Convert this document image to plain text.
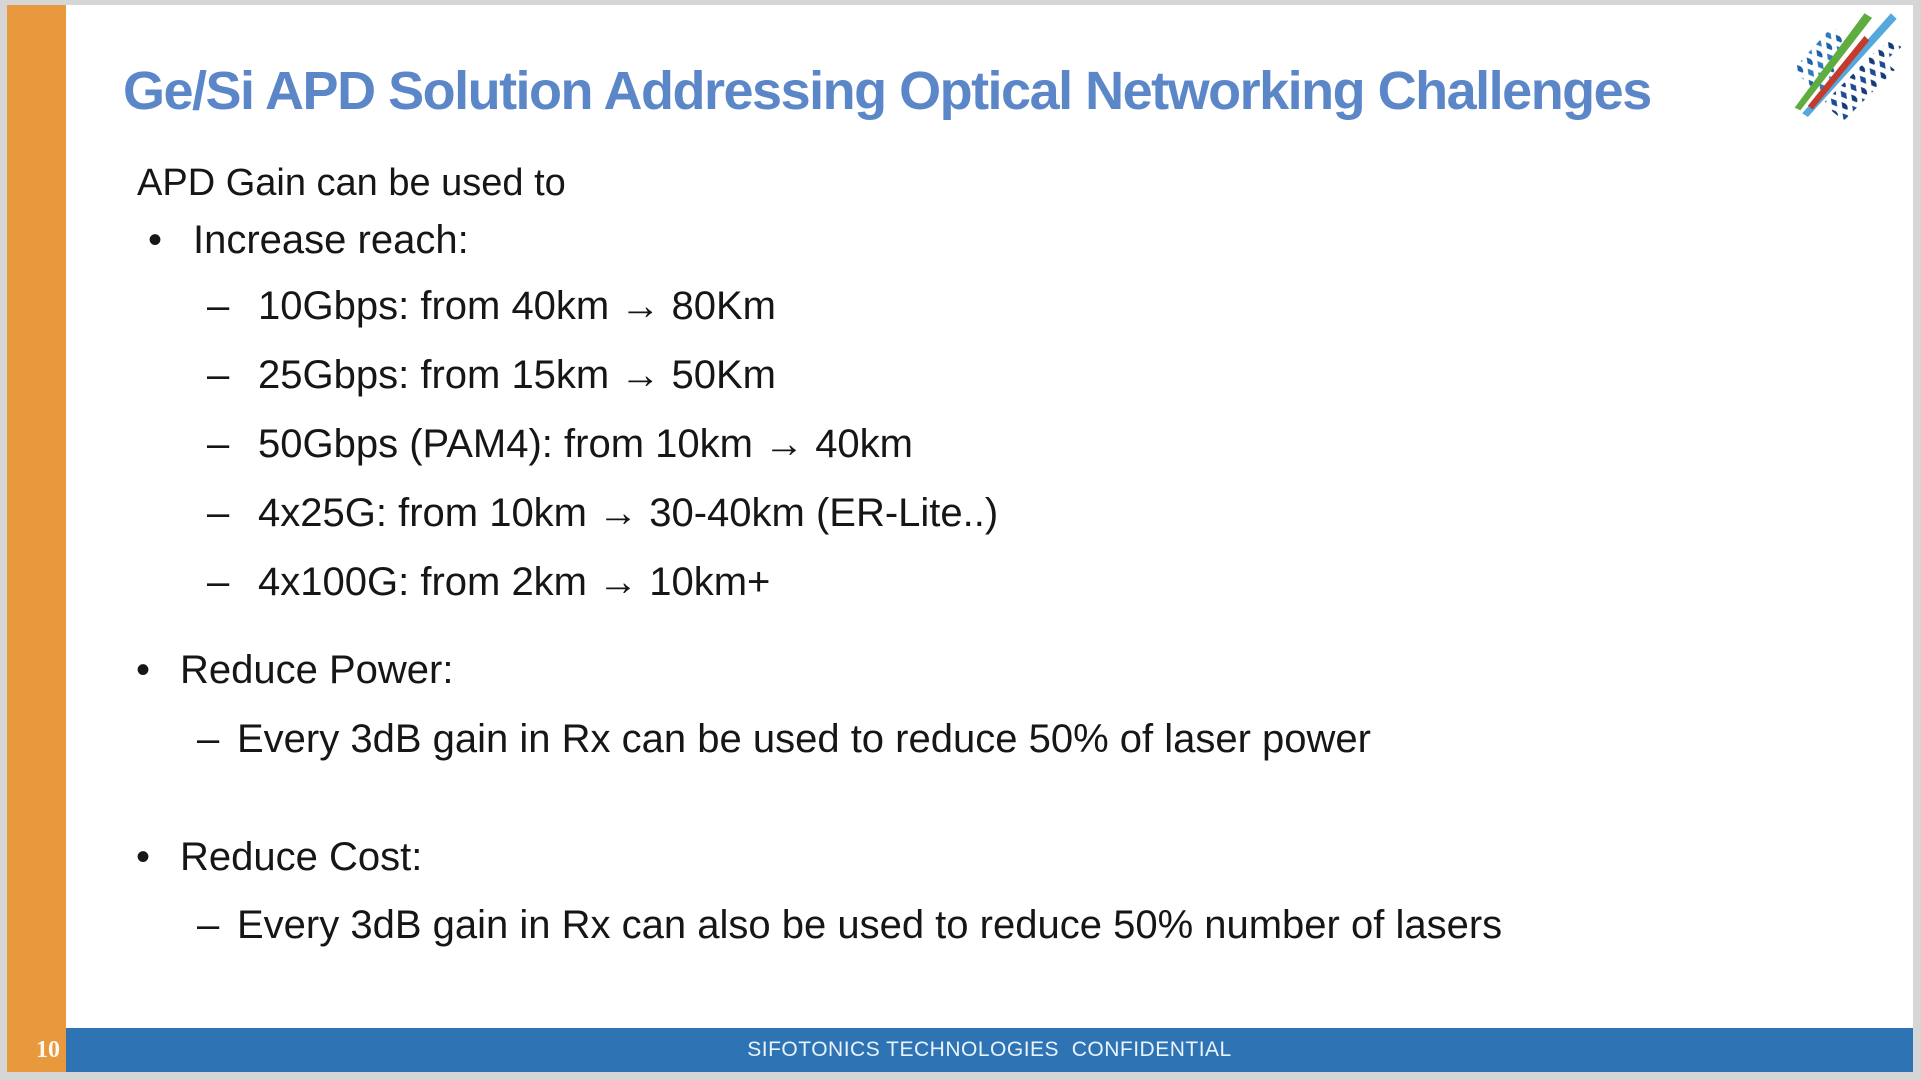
Ge/Si APD Solution Addressing Optical Networking Challenges
APD Gain can be used to
• Increase reach:
– 10Gbps: from 40km → 80Km
– 25Gbps: from 15km → 50Km
– 50Gbps (PAM4): from 10km → 40km
– 4x25G: from 10km → 30-40km (ER-Lite..)
– 4x100G: from 2km → 10km+
• Reduce Power:
– Every 3dB gain in Rx can be used to reduce 50% of laser power
• Reduce Cost:
– Every 3dB gain in Rx can also be used to reduce 50% number of lasers
SIFOTONICS TECHNOLOGIES  CONFIDENTIAL
10
